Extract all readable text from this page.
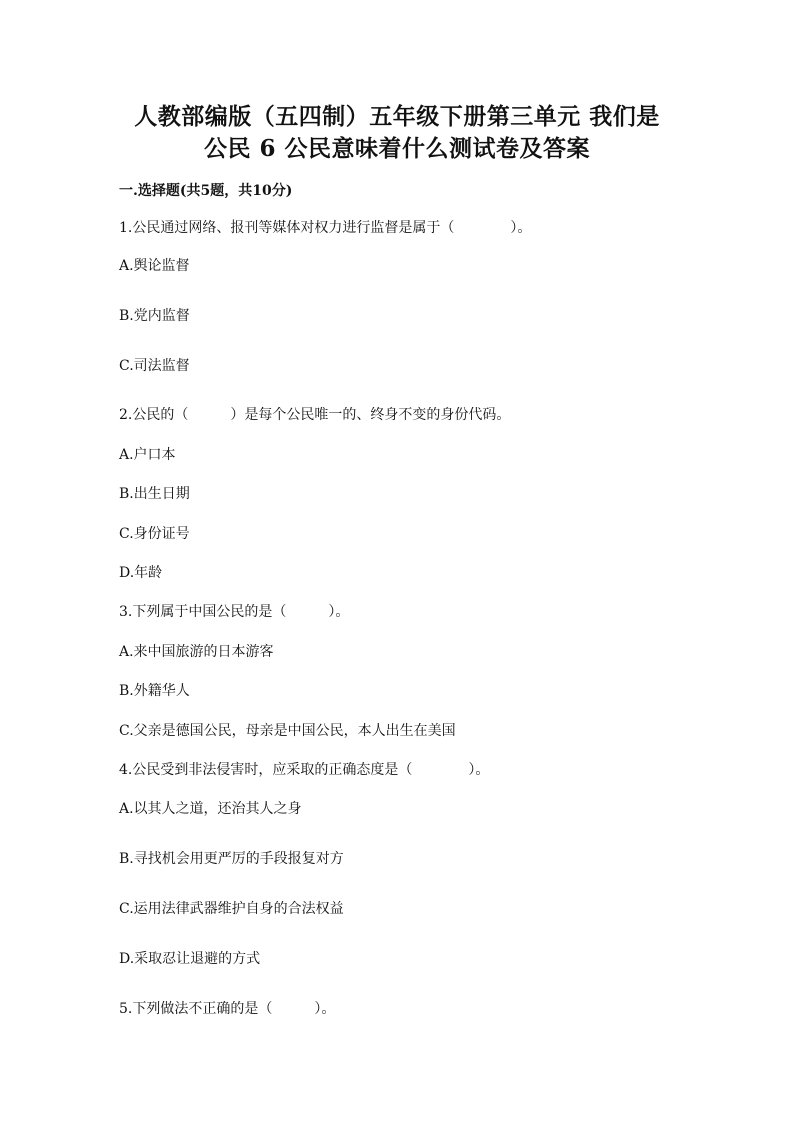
人教部编版（五四制）五年级下册第三单元 我们是
公民 6 公民意味着什么测试卷及答案
一.选择题(共5题，共10分)
1.公民通过网络、报刊等媒体对权力进行监督是属于（　　　　）。
A.舆论监督
B.党内监督
C.司法监督
2.公民的（　　　）是每个公民唯一的、终身不变的身份代码。
A.户口本
B.出生日期
C.身份证号
D.年龄
3.下列属于中国公民的是（　　　）。
A.来中国旅游的日本游客
B.外籍华人
C.父亲是德国公民，母亲是中国公民，本人出生在美国
4.公民受到非法侵害时，应采取的正确态度是（　　　　）。
A.以其人之道，还治其人之身
B.寻找机会用更严厉的手段报复对方
C.运用法律武器维护自身的合法权益
D.采取忍让退避的方式
5.下列做法不正确的是（　　　）。
